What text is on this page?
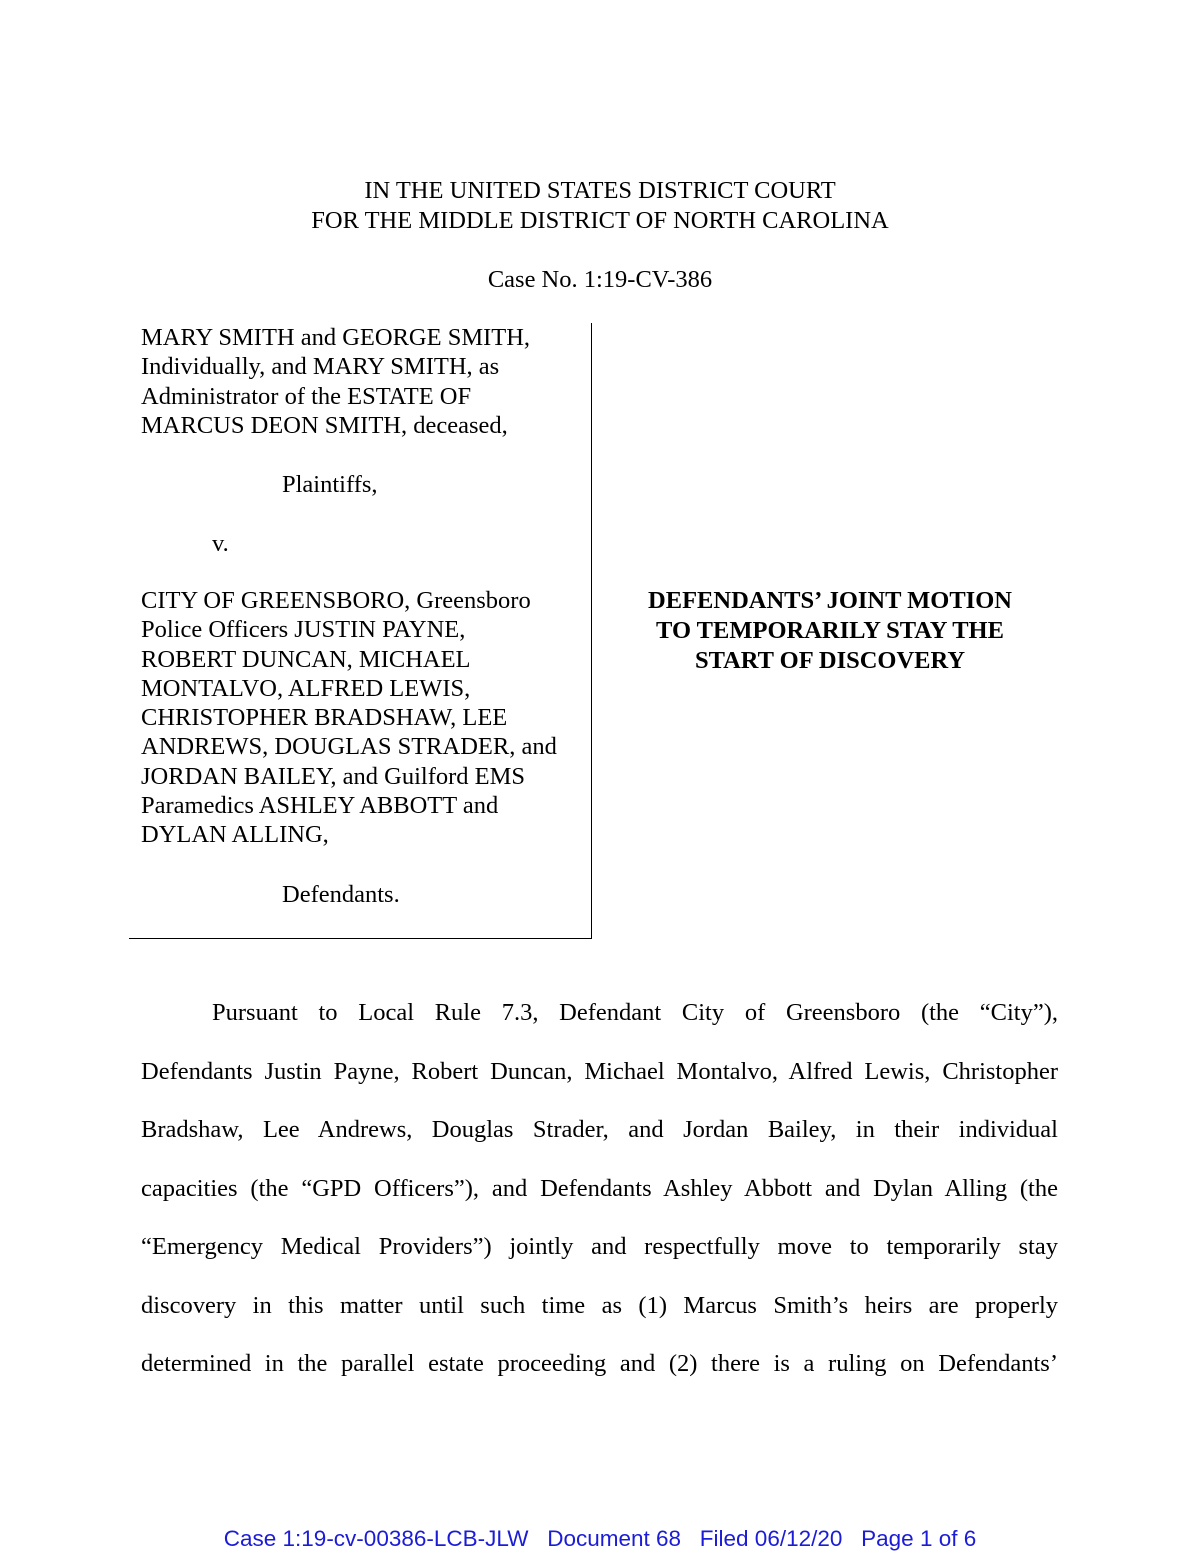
IN THE UNITED STATES DISTRICT COURT
FOR THE MIDDLE DISTRICT OF NORTH CAROLINA
Case No. 1:19-CV-386
MARY SMITH and GEORGE SMITH,
Individually, and MARY SMITH, as
Administrator of the ESTATE OF
MARCUS DEON SMITH, deceased,
Plaintiffs,
v.
CITY OF GREENSBORO, Greensboro
Police Officers JUSTIN PAYNE,
ROBERT DUNCAN, MICHAEL
MONTALVO, ALFRED LEWIS,
CHRISTOPHER BRADSHAW, LEE
ANDREWS, DOUGLAS STRADER, and
JORDAN BAILEY, and Guilford EMS
Paramedics ASHLEY ABBOTT and
DYLAN ALLING,
Defendants.
DEFENDANTS’ JOINT MOTION
TO TEMPORARILY STAY THE
START OF DISCOVERY
Pursuant to Local Rule 7.3, Defendant City of Greensboro (the “City”),
Defendants Justin Payne, Robert Duncan, Michael Montalvo, Alfred Lewis, Christopher
Bradshaw, Lee Andrews, Douglas Strader, and Jordan Bailey, in their individual
capacities (the “GPD Officers”), and Defendants Ashley Abbott and Dylan Alling (the
“Emergency Medical Providers”) jointly and respectfully move to temporarily stay
discovery in this matter until such time as (1) Marcus Smith’s heirs are properly
determined in the parallel estate proceeding and (2) there is a ruling on Defendants’
Case 1:19-cv-00386-LCB-JLW   Document 68   Filed 06/12/20   Page 1 of 6
